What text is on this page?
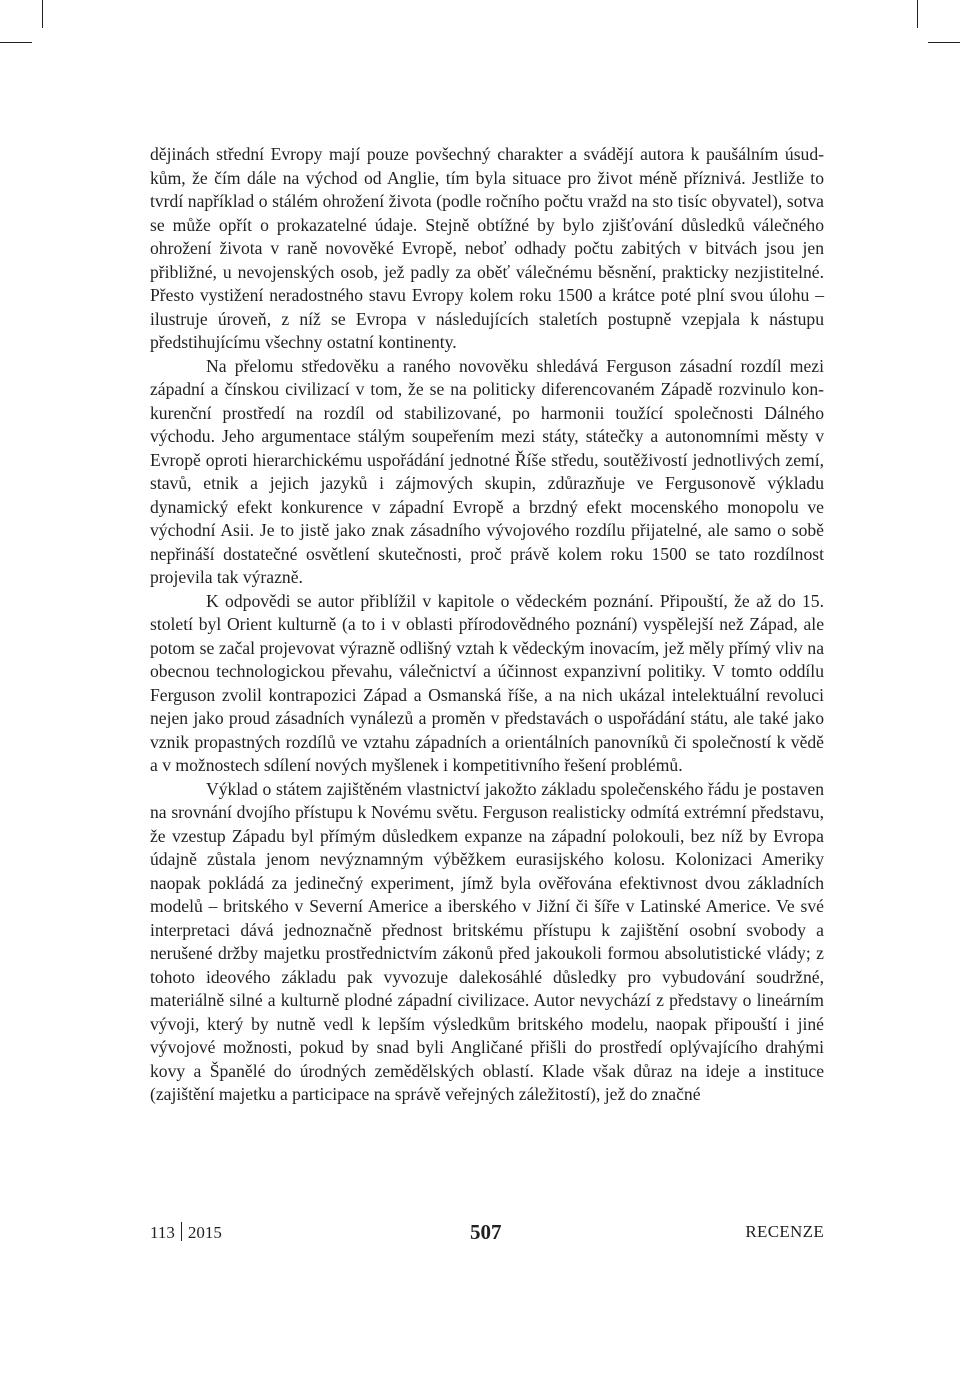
dějinách střední Evropy mají pouze povšechný charakter a svádějí autora k paušálním úsudkům, že čím dále na východ od Anglie, tím byla situace pro život méně příznivá. Jestliže to tvrdí například o stálém ohrožení života (podle ročního počtu vražd na sto tisíc obyvatel), sotva se může opřít o prokazatelné údaje. Stejně obtížné by bylo zjišťování důsledků válečného ohrožení života v raně novověké Evropě, neboť odhady počtu zabitých v bitvách jsou jen přibližné, u nevojenských osob, jež padly za oběť válečnému běsnění, prakticky nezjistitelné. Přesto vystižení neradostného stavu Evropy kolem roku 1500 a krátce poté plní svou úlohu – ilustruje úroveň, z níž se Evropa v následujících staletích postupně vzepjala k nástupu předstihujícímu všechny ostatní kontinenty.

Na přelomu středověku a raného novověku shledává Ferguson zásadní rozdíl mezi západní a čínskou civilizací v tom, že se na politicky diferencovaném Západě rozvinulo konkurenční prostředí na rozdíl od stabilizované, po harmonii toužící společnosti Dálného východu. Jeho argumentace stálým soupeřením mezi státy, státečky a autonomními městy v Evropě oproti hierarchickému uspořádání jednotné Říše středu, soutěživostí jednotlivých zemí, stavů, etnik a jejich jazyků i zájmových skupin, zdůrazňuje ve Fergusonově výkladu dynamický efekt konkurence v západní Evropě a brzdný efekt mocenského monopolu ve východní Asii. Je to jistě jako znak zásadního vývojového rozdílu přijatelné, ale samo o sobě nepřináší dostatečné osvětlení skutečnosti, proč právě kolem roku 1500 se tato rozdílnost projevila tak výrazně.

K odpovědi se autor přiblížil v kapitole o vědeckém poznání. Připouští, že až do 15. století byl Orient kulturně (a to i v oblasti přírodovědného poznání) vyspělejší než Západ, ale potom se začal projevovat výrazně odlišný vztah k vědeckým inovacím, jež měly přímý vliv na obecnou technologickou převahu, válečnictví a účinnost expanzivní politiky. V tomto oddílu Ferguson zvolil kontrapozici Západ a Osmanská říše, a na nich ukázal intelektuální revoluci nejen jako proud zásadních vynálezů a proměn v představách o uspořádání státu, ale také jako vznik propastných rozdílů ve vztahu západních a orientálních panovníků či společností k vědě a v možnostech sdílení nových myšlenek i kompetitivního řešení problémů.

Výklad o státem zajištěném vlastnictví jakožto základu společenského řádu je postaven na srovnání dvojího přístupu k Novému světu. Ferguson realisticky odmítá extrémní představu, že vzestup Západu byl přímým důsledkem expanze na západní polokouli, bez níž by Evropa údajně zůstala jenom nevýznamným výběžkem eurasijského kolosu. Kolonizaci Ameriky naopak pokládá za jedinečný experiment, jímž byla ověřována efektivnost dvou základních modelů – britského v Severní Americe a iberského v Jižní či šíře v Latinské Americe. Ve své interpretaci dává jednoznačně přednost britskému přístupu k zajištění osobní svobody a nerušené držby majetku prostřednictvím zákonů před jakoukoli formou absolutistické vlády; z tohoto ideového základu pak vyvozuje dalekosáhlé důsledky pro vybudování soudržné, materiálně silné a kulturně plodné západní civilizace. Autor nevychází z představy o lineárním vývoji, který by nutně vedl k lepším výsledkům britského modelu, naopak připouští i jiné vývojové možnosti, pokud by snad byli Angličané přišli do prostředí oplývajícího drahými kovy a Španělé do úrodných zemědělských oblastí. Klade však důraz na ideje a instituce (zajištění majetku a participace na správě veřejných záležitostí), jež do značné

113 2015	507	RECENZE
